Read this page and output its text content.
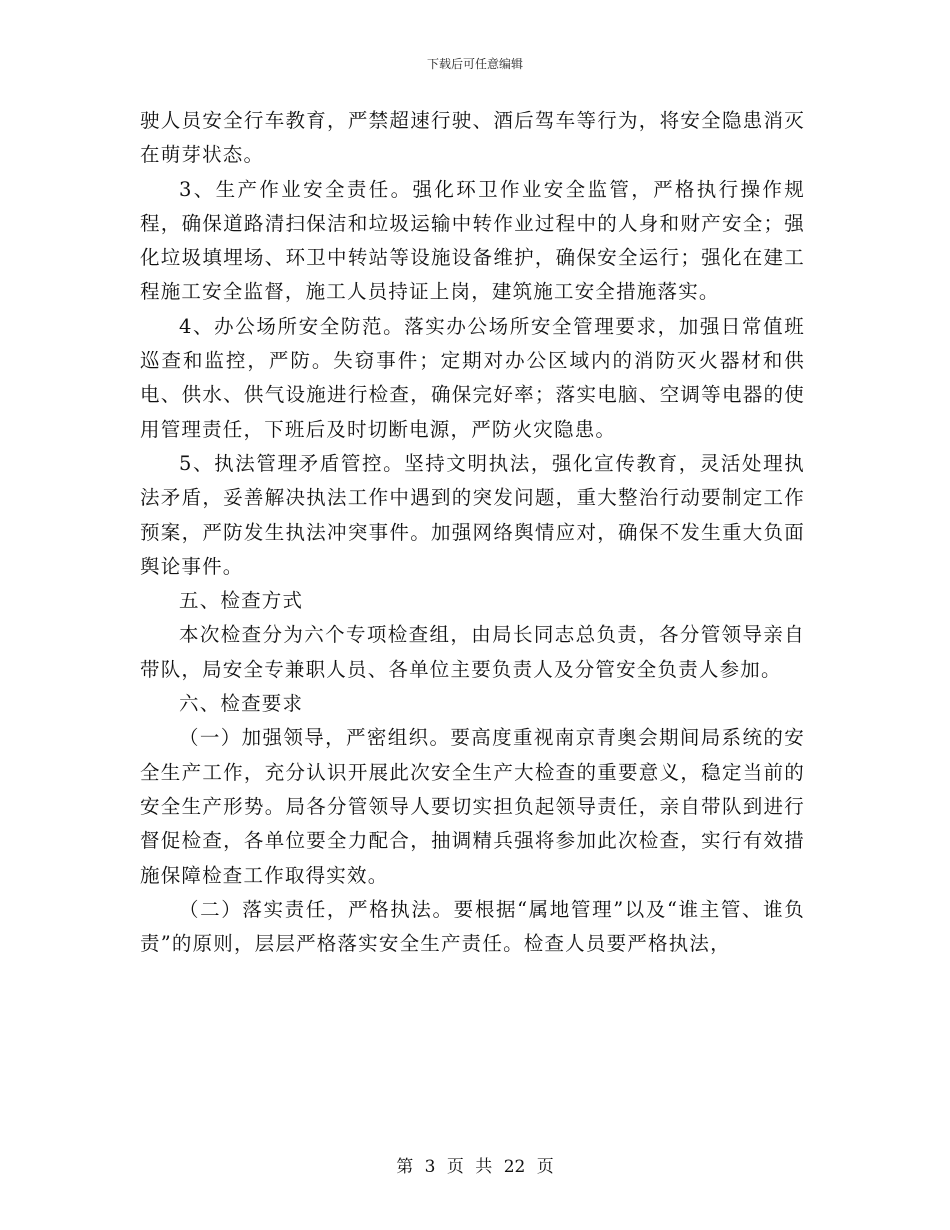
下载后可任意编辑

驶人员安全行车教育，严禁超速行驶、酒后驾车等行为，将安全隐患消灭在萌芽状态。

3、生产作业安全责任。强化环卫作业安全监管，严格执行操作规程，确保道路清扫保洁和垃圾运输中转作业过程中的人身和财产安全；强化垃圾填埋场、环卫中转站等设施设备维护，确保安全运行；强化在建工程施工安全监督，施工人员持证上岗，建筑施工安全措施落实。

4、办公场所安全防范。落实办公场所安全管理要求，加强日常值班巡查和监控，严防。失窃事件；定期对办公区域内的消防灭火器材和供电、供水、供气设施进行检查，确保完好率；落实电脑、空调等电器的使用管理责任，下班后及时切断电源，严防火灾隐患。

5、执法管理矛盾管控。坚持文明执法，强化宣传教育，灵活处理执法矛盾，妥善解决执法工作中遇到的突发问题，重大整治行动要制定工作预案，严防发生执法冲突事件。加强网络舆情应对，确保不发生重大负面舆论事件。

五、检查方式

本次检查分为六个专项检查组，由局长同志总负责，各分管领导亲自带队，局安全专兼职人员、各单位主要负责人及分管安全负责人参加。

六、检查要求

（一）加强领导，严密组织。要高度重视南京青奥会期间局系统的安全生产工作，充分认识开展此次安全生产大检查的重要意义，稳定当前的安全生产形势。局各分管领导人要切实担负起领导责任，亲自带队到进行督促检查，各单位要全力配合，抽调精兵强将参加此次检查，实行有效措施保障检查工作取得实效。

（二）落实责任，严格执法。要根据“属地管理”以及“谁主管、谁负责”的原则，层层严格落实安全生产责任。检查人员要严格执法，

第 3 页 共 22 页
